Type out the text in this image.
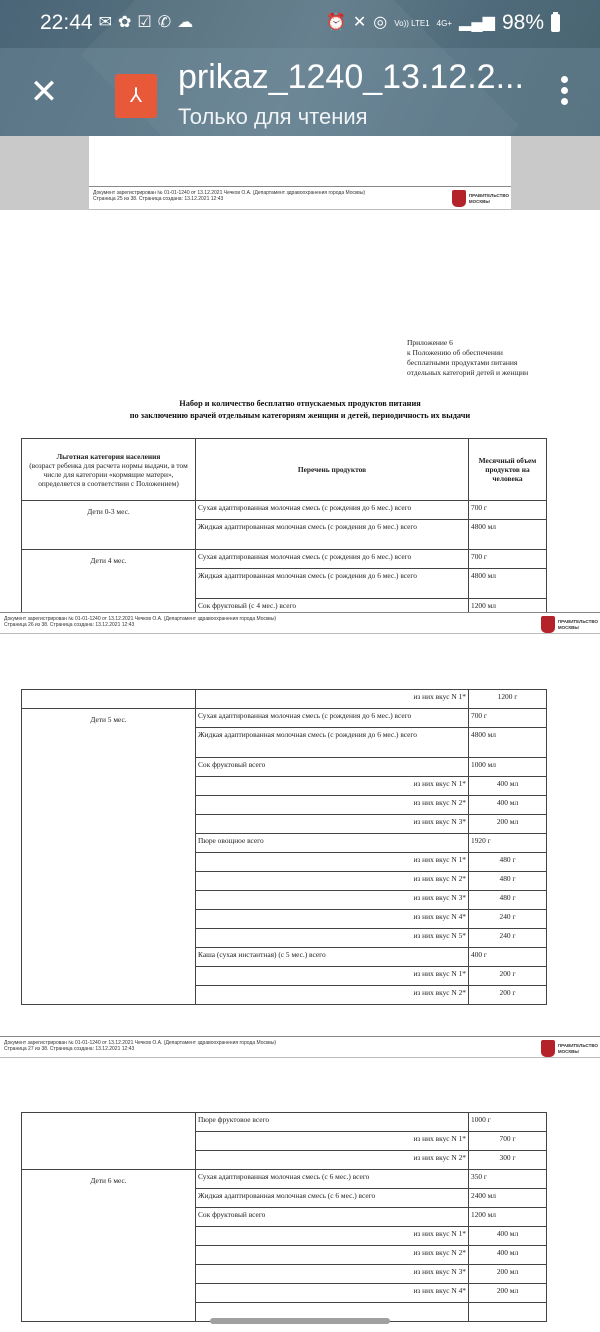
22:44 ✉ ✿ ☑ ✆ ☁	⏰ ✕ ◎ Vo)) LTE1 4G+ ▂▄▆ 98%
✕	⅄	prikaz_1240_13.12.2...
Только для чтения
Документ зарегистрирован № 01-01-1240 от 13.12.2021 Чечков О.А. (Департамент здравоохранения города Москвы)
Страница 25 из 38. Страница создана: 13.12.2021 12:43
ПРАВИТЕЛЬСТВО
МОСКВЫ
Приложение 6
к Положению об обеспечении
бесплатными продуктами питания
отдельных категорий детей и женщин
Набор и количество бесплатно отпускаемых продуктов питания
по заключению врачей отдельным категориям женщин и детей, периодичность их выдачи
Льготная категория населения
(возраст ребенка для расчета нормы выдачи, в том числе для категории «кормящие матери», определяется в соответствии с Положением)	Перечень продуктов	Месячный объем продуктов на человека
Дети 0-3 мес.	Сухая адаптированная молочная смесь (с рождения до 6 мес.) всего	700 г
	Жидкая адаптированная молочная смесь (с рождения до 6 мес.) всего	4800 мл
Дети 4 мес.	Сухая адаптированная молочная смесь (с рождения до 6 мес.) всего	700 г
	Жидкая адаптированная молочная смесь (с рождения до 6 мес.) всего	4800 мл
	Сок фруктовый (с 4 мес.) всего	1200 мл

Документ зарегистрирован № 01-01-1240 от 13.12.2021 Чечков О.А. (Департамент здравоохранения города Москвы)
Страница 26 из 38. Страница создана: 13.12.2021 12:43
ПРАВИТЕЛЬСТВО
МОСКВЫ
	из них вкус N 1*	1200 г
Дети 5 мес.	Сухая адаптированная молочная смесь (с рождения до 6 мес.) всего	700 г
	Жидкая адаптированная молочная смесь (с рождения до 6 мес.) всего	4800 мл
	Сок фруктовый всего	1000 мл
	из них вкус N 1*	400 мл
	из них вкус N 2*	400 мл
	из них вкус N 3*	200 мл
	Пюре овощное всего	1920 г
	из них вкус N 1*	480 г
	из них вкус N 2*	480 г
	из них вкус N 3*	480 г
	из них вкус N 4*	240 г
	из них вкус N 5*	240 г
	Каша (сухая инстантная) (с 5 мес.) всего	400 г
	из них вкус N 1*	200 г
	из них вкус N 2*	200 г
Документ зарегистрирован № 01-01-1240 от 13.12.2021 Чечков О.А. (Департамент здравоохранения города Москвы)
Страница 27 из 38. Страница создана: 13.12.2021 12:43
ПРАВИТЕЛЬСТВО
МОСКВЫ
	Пюре фруктовое всего	1000 г
	из них вкус N 1*	700 г
	из них вкус N 2*	300 г
Дети 6 мес.	Сухая адаптированная молочная смесь (с 6 мес.) всего	350 г
	Жидкая адаптированная молочная смесь (с 6 мес.) всего	2400 мл
	Сок фруктовый всего	1200 мл
	из них вкус N 1*	400 мл
	из них вкус N 2*	400 мл
	из них вкус N 3*	200 мл
	из них вкус N 4*	200 мл
